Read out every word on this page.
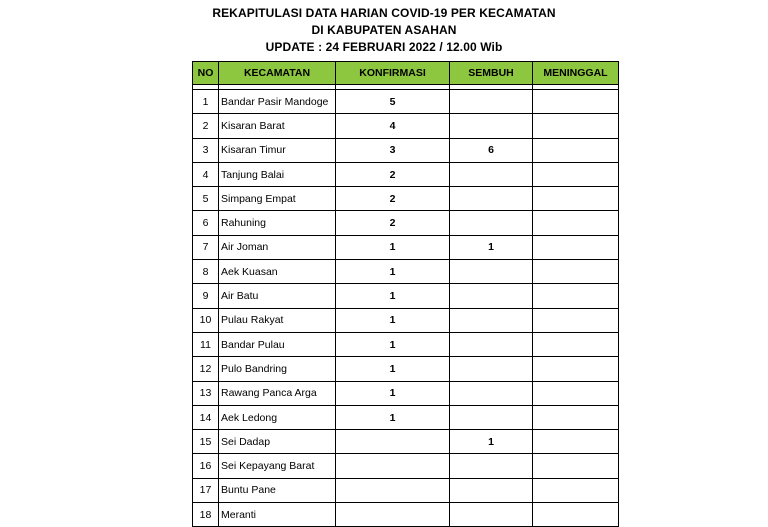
REKAPITULASI DATA HARIAN COVID-19 PER KECAMATAN
DI KABUPATEN ASAHAN
UPDATE : 24 FEBRUARI 2022 / 12.00 Wib
NO	KECAMATAN	KONFIRMASI	SEMBUH	MENINGGAL

1	Bandar Pasir Mandoge	5		
2	Kisaran Barat	4		
3	Kisaran Timur	3	6	
4	Tanjung Balai	2		
5	Simpang Empat	2		
6	Rahuning	2		
7	Air Joman	1	1	
8	Aek Kuasan	1		
9	Air Batu	1		
10	Pulau Rakyat	1		
11	Bandar Pulau	1		
12	Pulo Bandring	1		
13	Rawang Panca Arga	1		
14	Aek Ledong	1		
15	Sei Dadap		1	
16	Sei Kepayang Barat			
17	Buntu Pane			
18	Meranti			
